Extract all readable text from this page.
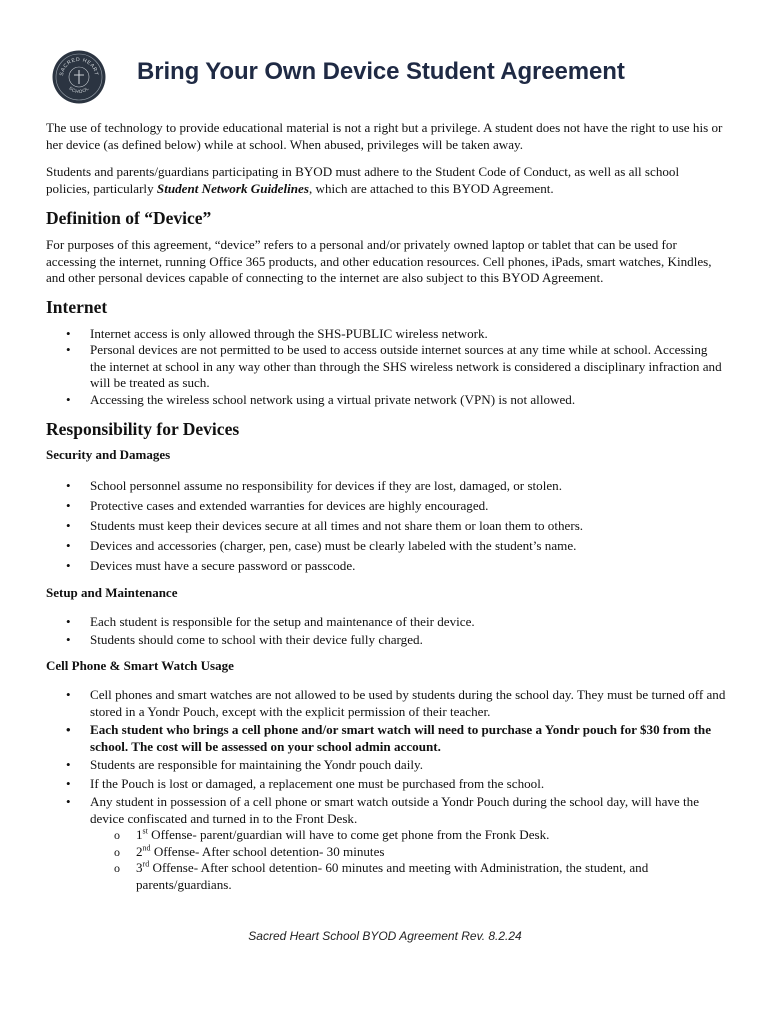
SACRED HEART
SCHOOL
Bring Your Own Device Student Agreement

The use of technology to provide educational material is not a right but a privilege. A student does not have the right to use his or her device (as defined below) while at school. When abused, privileges will be taken away.

Students and parents/guardians participating in BYOD must adhere to the Student Code of Conduct, as well as all school policies, particularly Student Network Guidelines, which are attached to this BYOD Agreement.

Definition of “Device”

For purposes of this agreement, “device” refers to a personal and/or privately owned laptop or tablet that can be used for accessing the internet, running Office 365 products, and other education resources. Cell phones, iPads, smart watches, Kindles, and other personal devices capable of connecting to the internet are also subject to this BYOD Agreement.

Internet
• Internet access is only allowed through the SHS-PUBLIC wireless network.
• Personal devices are not permitted to be used to access outside internet sources at any time while at school. Accessing the internet at school in any way other than through the SHS wireless network is considered a disciplinary infraction and will be treated as such.
• Accessing the wireless school network using a virtual private network (VPN) is not allowed.
Responsibility for Devices
Security and Damages
• School personnel assume no responsibility for devices if they are lost, damaged, or stolen.
• Protective cases and extended warranties for devices are highly encouraged.
• Students must keep their devices secure at all times and not share them or loan them to others.
• Devices and accessories (charger, pen, case) must be clearly labeled with the student’s name.
• Devices must have a secure password or passcode.
Setup and Maintenance
• Each student is responsible for the setup and maintenance of their device.
• Students should come to school with their device fully charged.
Cell Phone & Smart Watch Usage
• Cell phones and smart watches are not allowed to be used by students during the school day. They must be turned off and stored in a Yondr Pouch, except with the explicit permission of their teacher.
• Each student who brings a cell phone and/or smart watch will need to purchase a Yondr pouch for $30 from the school. The cost will be assessed on your school admin account.
• Students are responsible for maintaining the Yondr pouch daily.
• If the Pouch is lost or damaged, a replacement one must be purchased from the school.
• Any student in possession of a cell phone or smart watch outside a Yondr Pouch during the school day, will have the device confiscated and turned in to the Front Desk.
o 1st Offense- parent/guardian will have to come get phone from the Fronk Desk.
o 2nd Offense- After school detention- 30 minutes
o 3rd Offense- After school detention- 60 minutes and meeting with Administration, the student, and parents/guardians.
Sacred Heart School BYOD Agreement Rev. 8.2.24
